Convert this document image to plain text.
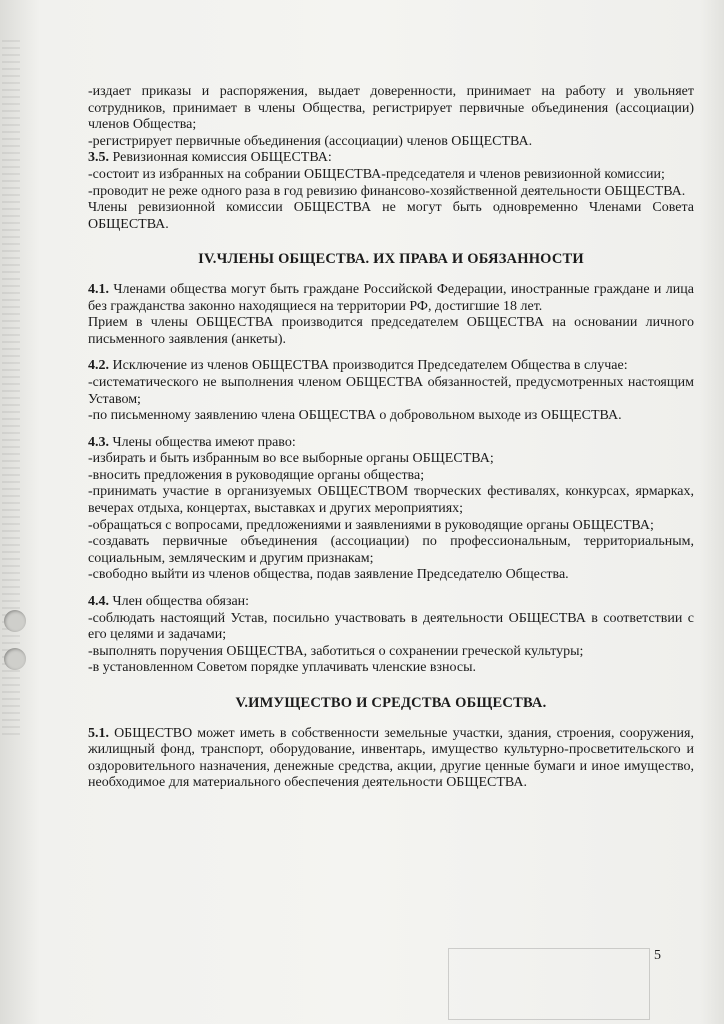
-издает приказы и распоряжения, выдает доверенности, принимает на работу и увольняет сотрудников, принимает в члены Общества, регистрирует первичные объединения (ассоциации) членов Общества;

-регистрирует первичные объединения (ассоциации) членов ОБЩЕСТВА.

3.5. Ревизионная комиссия ОБЩЕСТВА:

-состоит из избранных на собрании ОБЩЕСТВА-председателя и членов ревизионной комиссии;

-проводит не реже одного раза в год ревизию финансово-хозяйственной деятельности ОБЩЕСТВА.

Члены ревизионной комиссии ОБЩЕСТВА не могут быть одновременно Членами Совета ОБЩЕСТВА.

IV.ЧЛЕНЫ ОБЩЕСТВА. ИХ ПРАВА И ОБЯЗАННОСТИ

4.1. Членами общества могут быть граждане Российской Федерации, иностранные граждане и лица без гражданства законно находящиеся на территории РФ, достигшие 18 лет.

Прием в члены ОБЩЕСТВА производится председателем ОБЩЕСТВА на основании личного письменного заявления (анкеты).

4.2. Исключение из членов ОБЩЕСТВА производится Председателем Общества в случае:

-систематического не выполнения членом ОБЩЕСТВА обязанностей, предусмотренных настоящим Уставом;

-по письменному заявлению члена ОБЩЕСТВА о добровольном выходе из ОБЩЕСТВА.

4.3. Члены общества имеют право:

-избирать и быть избранным во все выборные органы ОБЩЕСТВА;

-вносить предложения в руководящие органы общества;

-принимать участие в организуемых ОБЩЕСТВОМ творческих фестивалях, конкурсах, ярмарках, вечерах отдыха, концертах, выставках и других мероприятиях;

-обращаться с вопросами, предложениями и заявлениями в руководящие органы ОБЩЕСТВА;

-создавать первичные объединения (ассоциации) по профессиональным, территориальным, социальным, земляческим и другим признакам;

-свободно выйти из членов общества, подав заявление Председателю Общества.

4.4. Член общества обязан:

-соблюдать настоящий Устав, посильно участвовать в деятельности ОБЩЕСТВА в соответствии с его целями и задачами;

-выполнять поручения ОБЩЕСТВА, заботиться о сохранении греческой культуры;

-в установленном Советом порядке уплачивать членские взносы.

V.ИМУЩЕСТВО И СРЕДСТВА ОБЩЕСТВА.

5.1. ОБЩЕСТВО может иметь в собственности земельные участки, здания, строения, сооружения, жилищный фонд, транспорт, оборудование, инвентарь, имущество культурно-просветительского и оздоровительного назначения, денежные средства, акции, другие ценные бумаги и иное имущество, необходимое для материального обеспечения деятельности ОБЩЕСТВА.

5
